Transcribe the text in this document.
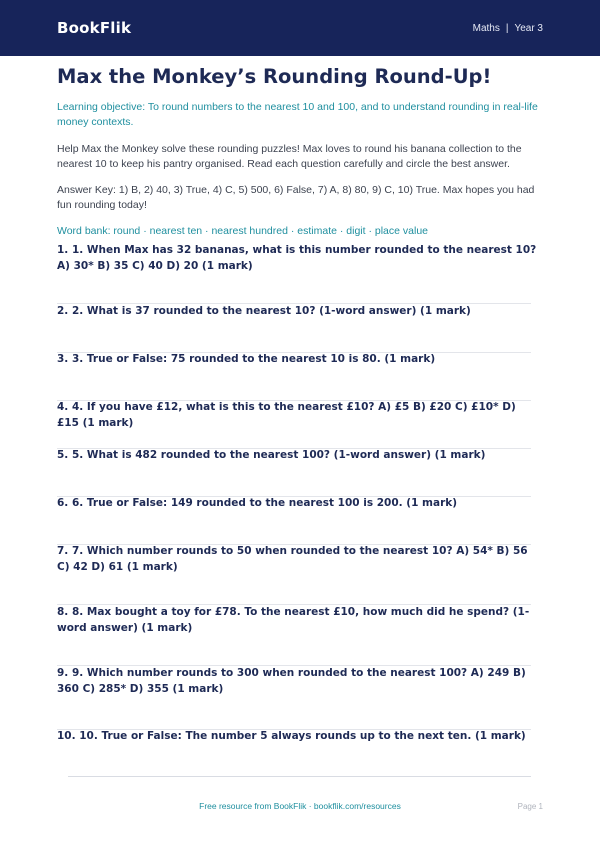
BookFlik	Maths | Year 3
Max the Monkey’s Rounding Round-Up!

Learning objective: To round numbers to the nearest 10 and 100, and to understand rounding in real-life money contexts.

Help Max the Monkey solve these rounding puzzles! Max loves to round his banana collection to the nearest 10 to keep his pantry organised. Read each question carefully and circle the best answer.

Answer Key: 1) B, 2) 40, 3) True, 4) C, 5) 500, 6) False, 7) A, 8) 80, 9) C, 10) True. Max hopes you had fun rounding today!

Word bank: round · nearest ten · nearest hundred · estimate · digit · place value

1. 1. When Max has 32 bananas, what is this number rounded to the nearest 10? A) 30* B) 35 C) 40 D) 20 (1 mark)
2. 2. What is 37 rounded to the nearest 10? (1-word answer) (1 mark)
3. 3. True or False: 75 rounded to the nearest 10 is 80. (1 mark)
4. 4. If you have £12, what is this to the nearest £10? A) £5 B) £20 C) £10* D) £15 (1 mark)
5. 5. What is 482 rounded to the nearest 100? (1-word answer) (1 mark)
6. 6. True or False: 149 rounded to the nearest 100 is 200. (1 mark)
7. 7. Which number rounds to 50 when rounded to the nearest 10? A) 54* B) 56 C) 42 D) 61 (1 mark)
8. 8. Max bought a toy for £78. To the nearest £10, how much did he spend? (1-word answer) (1 mark)
9. 9. Which number rounds to 300 when rounded to the nearest 100? A) 249 B) 360 C) 285* D) 355 (1 mark)
10. 10. True or False: The number 5 always rounds up to the next ten. (1 mark)
Free resource from BookFlik · bookflik.com/resources	Page 1
